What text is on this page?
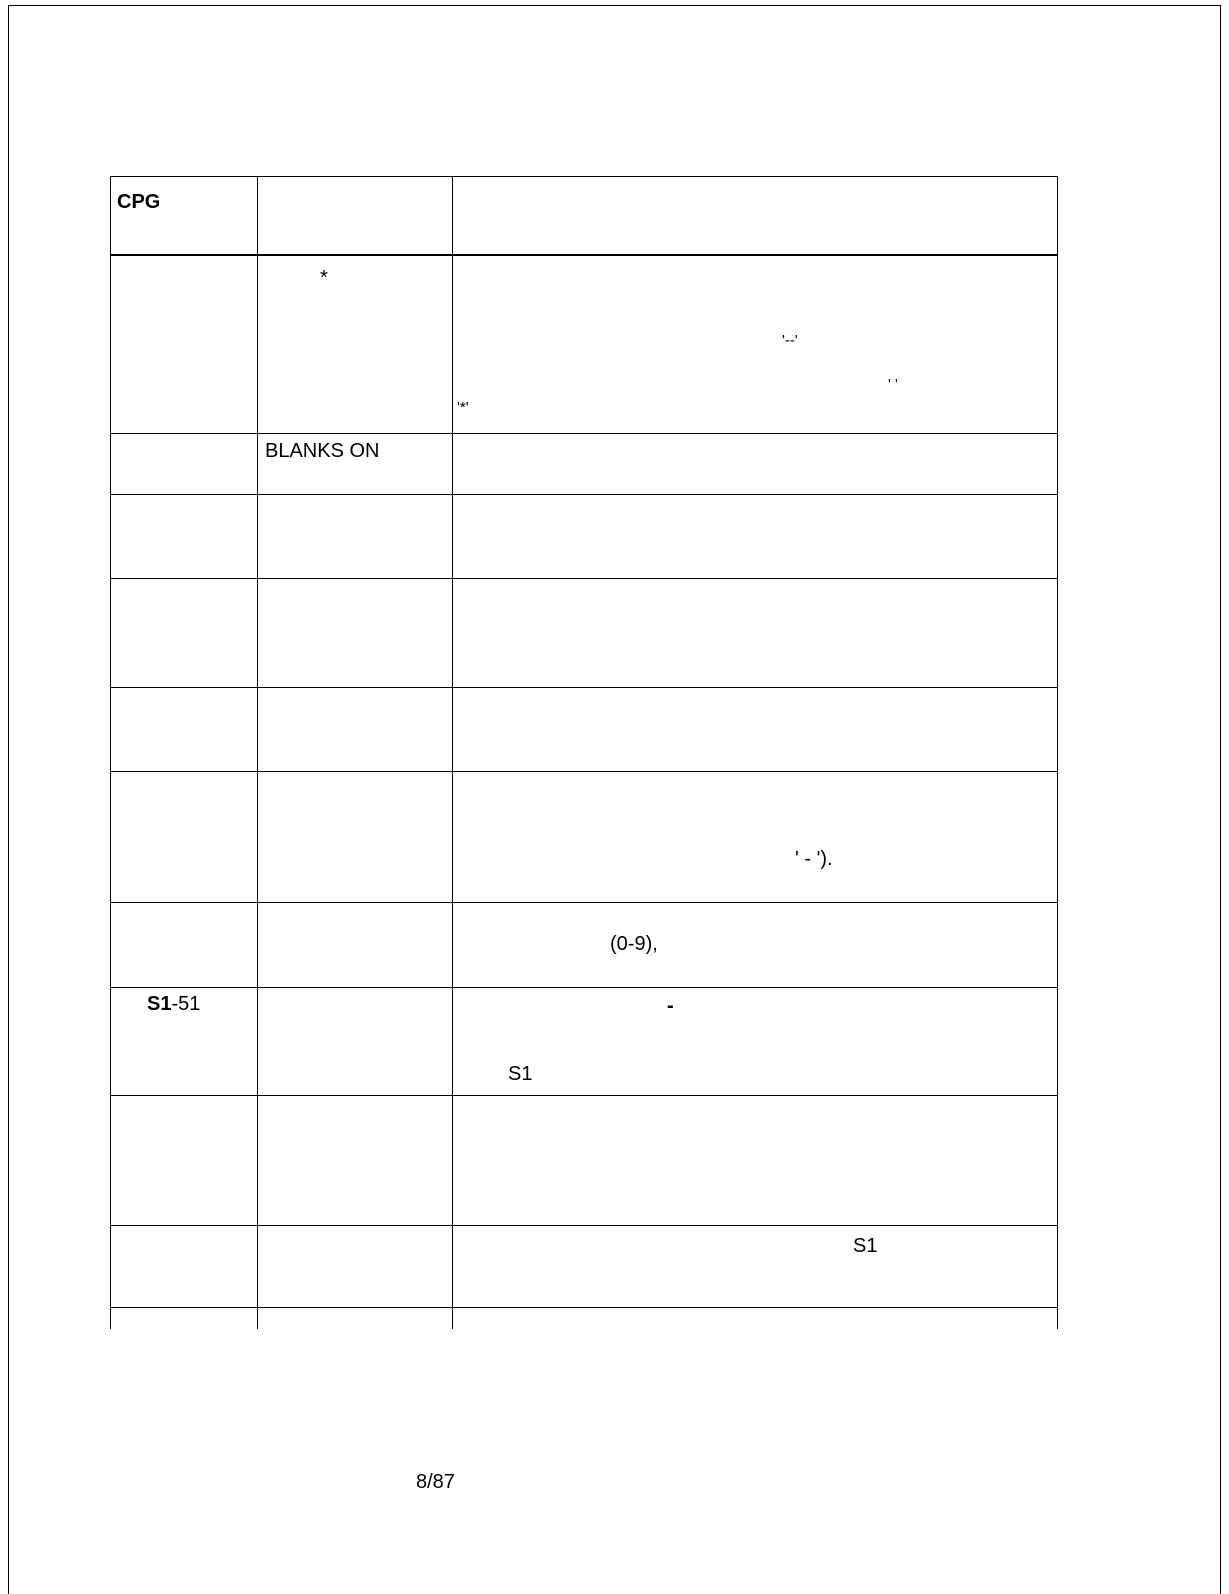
CPG
*
'--'
' '
'*'
BLANKS ON
' - ').
(0-9),
S1-51	-
S1
S1
8/87
